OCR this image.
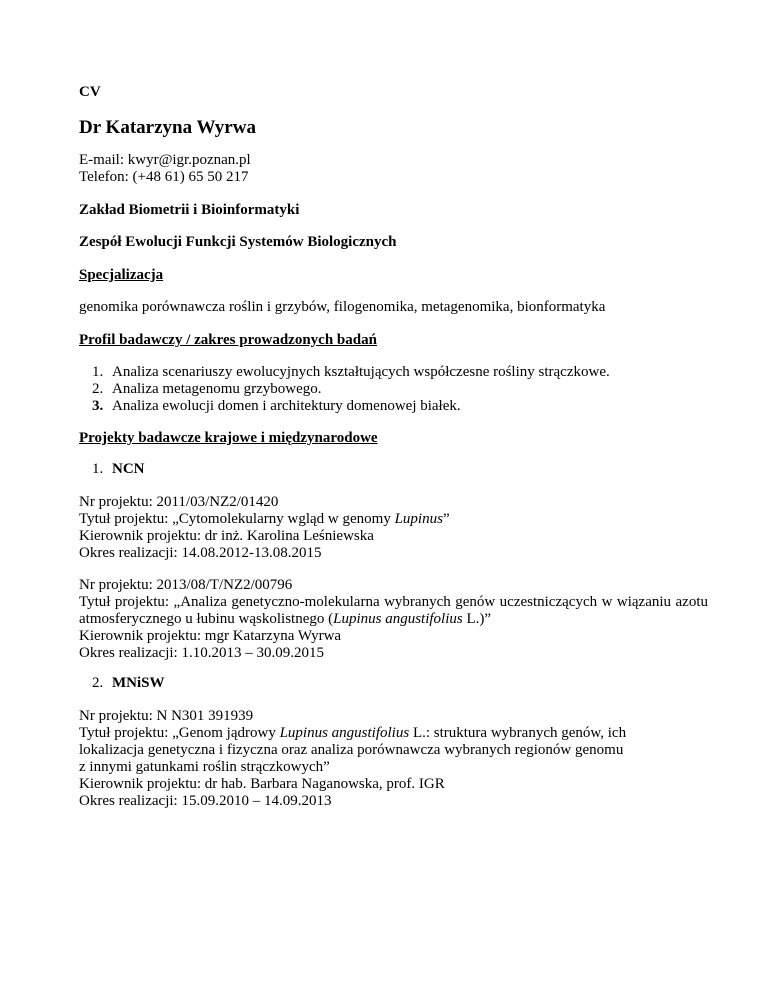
CV
Dr Katarzyna Wyrwa
E-mail: kwyr@igr.poznan.pl
Telefon: (+48 61) 65 50 217
Zakład Biometrii i Bioinformatyki
Zespół Ewolucji Funkcji Systemów Biologicznych
Specjalizacja
genomika porównawcza roślin i grzybów, filogenomika, metagenomika, bionformatyka
Profil badawczy / zakres prowadzonych badań
1. Analiza scenariuszy ewolucyjnych kształtujących współczesne rośliny strączkowe.
2. Analiza metagenomu grzybowego.
3. Analiza ewolucji domen i architektury domenowej białek.
Projekty badawcze krajowe i międzynarodowe
1. NCN
Nr projektu: 2011/03/NZ2/01420
Tytuł projektu: „Cytomolekularny wgląd w genomy Lupinus”
Kierownik projektu: dr inż. Karolina Leśniewska
Okres realizacji: 14.08.2012-13.08.2015
Nr projektu: 2013/08/T/NZ2/00796
Tytuł projektu: „Analiza genetyczno-molekularna wybranych genów uczestniczących w wiązaniu azotu atmosferycznego u łubinu wąskolistnego (Lupinus angustifolius L.)”
Kierownik projektu: mgr Katarzyna Wyrwa
Okres realizacji: 1.10.2013 – 30.09.2015
2. MNiSW
Nr projektu: N N301 391939
Tytuł projektu: „Genom jądrowy Lupinus angustifolius L.: struktura wybranych genów, ich
lokalizacja genetyczna i fizyczna oraz analiza porównawcza wybranych regionów genomu
z innymi gatunkami roślin strączkowych”
Kierownik projektu: dr hab. Barbara Naganowska, prof. IGR
Okres realizacji: 15.09.2010 – 14.09.2013
